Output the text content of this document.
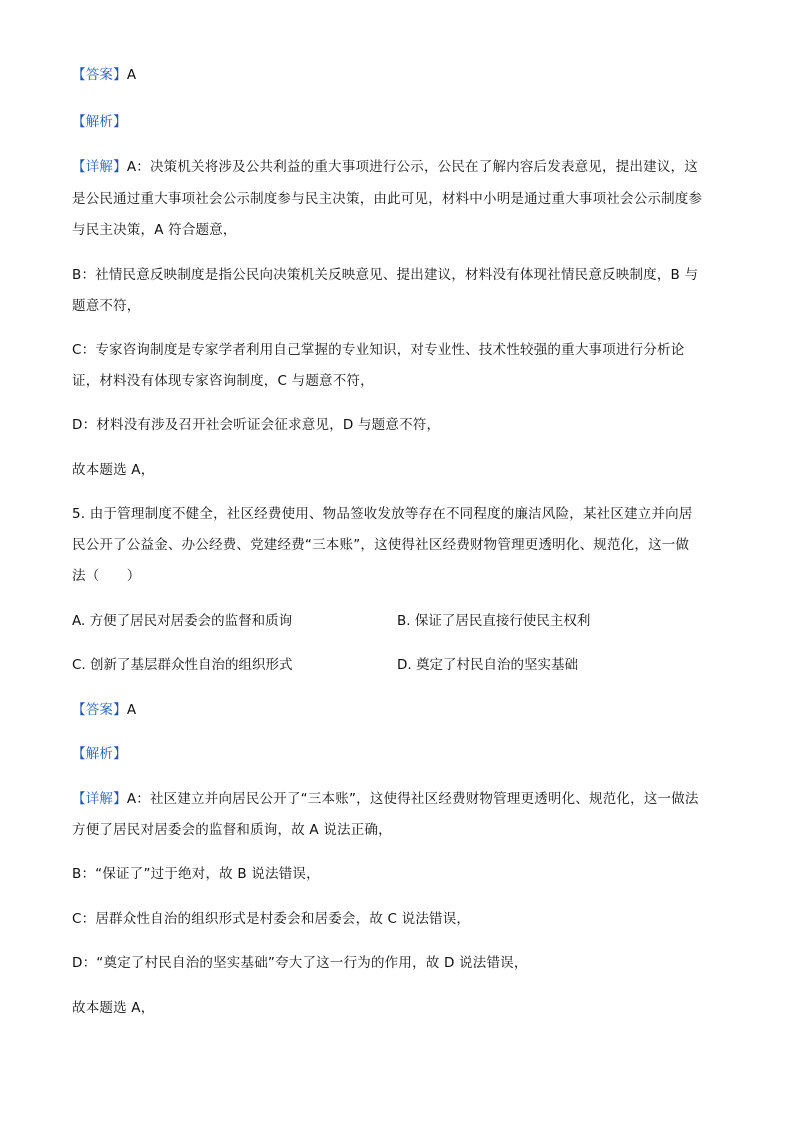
【答案】A
【解析】
【详解】A：决策机关将涉及公共利益的重大事项进行公示，公民在了解内容后发表意见，提出建议，这
是公民通过重大事项社会公示制度参与民主决策，由此可见，材料中小明是通过重大事项社会公示制度参
与民主决策，A 符合题意，
B：社情民意反映制度是指公民向决策机关反映意见、提出建议，材料没有体现社情民意反映制度，B 与
题意不符，
C：专家咨询制度是专家学者利用自己掌握的专业知识，对专业性、技术性较强的重大事项进行分析论
证，材料没有体现专家咨询制度，C 与题意不符，
D：材料没有涉及召开社会听证会征求意见，D 与题意不符，
故本题选 A，
5. 由于管理制度不健全，社区经费使用、物品签收发放等存在不同程度的廉洁风险，某社区建立并向居
民公开了公益金、办公经费、党建经费“三本账”，这使得社区经费财物管理更透明化、规范化，这一做
法（　　）
A. 方便了居民对居委会的监督和质询	B. 保证了居民直接行使民主权利
C. 创新了基层群众性自治的组织形式	D. 奠定了村民自治的坚实基础
【答案】A
【解析】
【详解】A：社区建立并向居民公开了“三本账”，这使得社区经费财物管理更透明化、规范化，这一做法
方便了居民对居委会的监督和质询，故 A 说法正确，
B：“保证了”过于绝对，故 B 说法错误，
C：居群众性自治的组织形式是村委会和居委会，故 C 说法错误，
D：“奠定了村民自治的坚实基础”夸大了这一行为的作用，故 D 说法错误，
故本题选 A，
